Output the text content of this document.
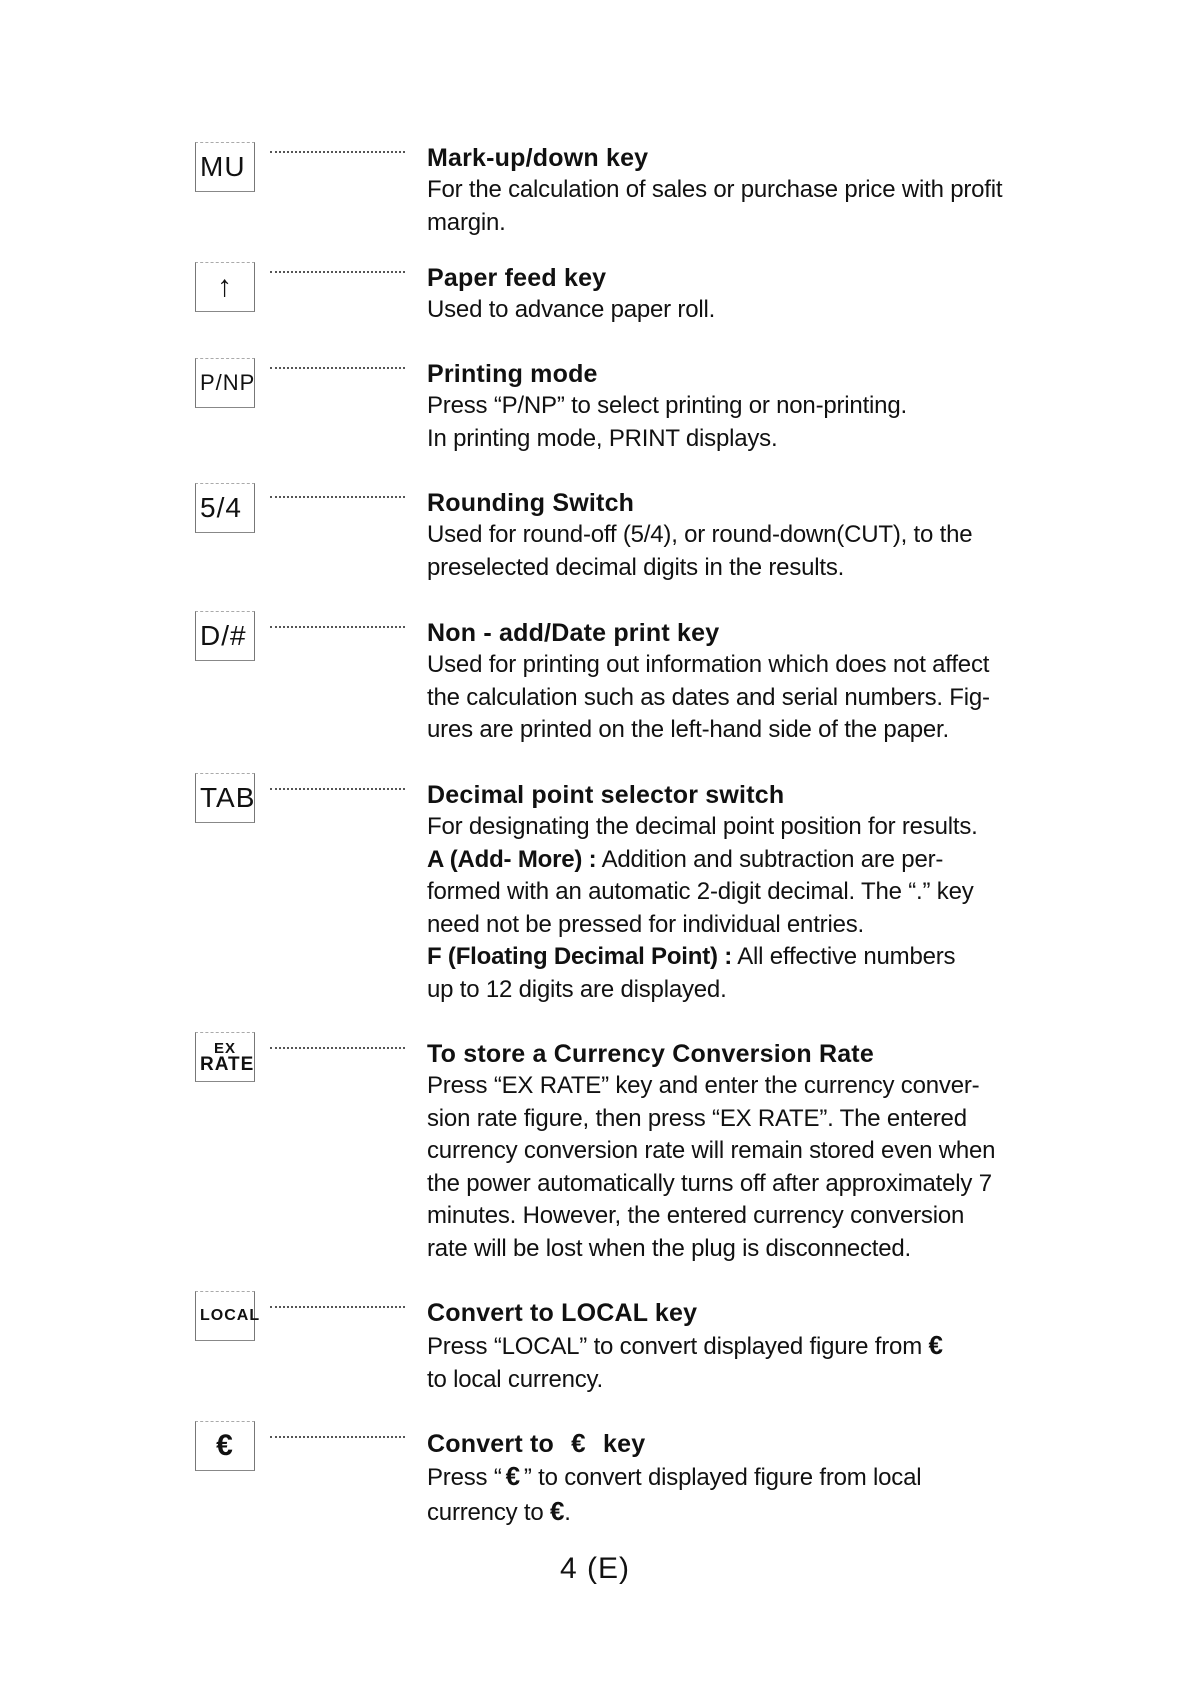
MU	Mark-up/down key
For the calculation of sales or purchase price with profit
margin.
↑	Paper feed key
Used to advance paper roll.
P/NP	Printing mode
Press “P/NP” to select printing or non-printing.
In printing mode, PRINT displays.
5/4	Rounding Switch
Used for round-off (5/4), or round-down(CUT), to the
preselected decimal digits in the results.
D/#	Non - add/Date print key
Used for printing out information which does not affect
the calculation such as dates and serial numbers. Fig-
ures are printed on the left-hand side of the paper.
TAB	Decimal point selector switch
For designating the decimal point position for results.
A (Add- More) : Addition and subtraction are per-
formed with an automatic 2-digit decimal. The “.” key
need not be pressed for individual entries.
F (Floating Decimal Point) : All effective numbers
up to 12 digits are displayed.
EX
RATE	To store a Currency Conversion Rate
Press “EX RATE” key and enter the currency conver-
sion rate figure, then press “EX RATE”. The entered
currency conversion rate will remain stored even when
the power automatically turns off after approximately 7
minutes. However, the entered currency conversion
rate will be lost when the plug is disconnected.
LOCAL	Convert to LOCAL key
Press “LOCAL” to convert displayed figure from €
to local currency.
€	Convert to € key
Press “ € ” to convert displayed figure from local
currency to €.
4 (E)
